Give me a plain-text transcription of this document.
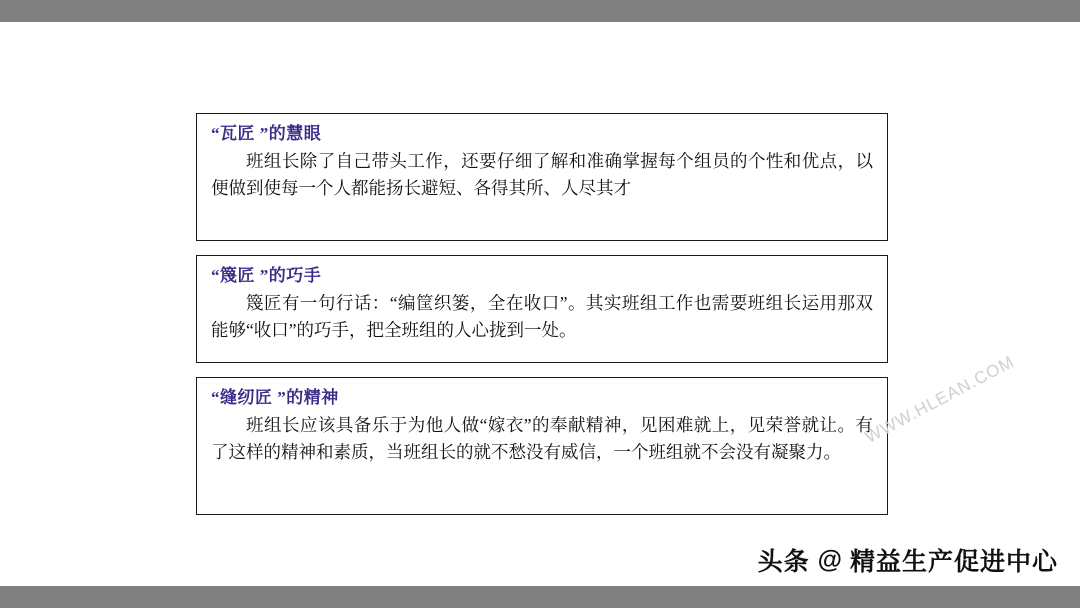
“瓦匠 ”的慧眼
班组长除了自己带头工作，还要仔细了解和准确掌握每个组员的个性和优点，以便做到使每一个人都能扬长避短、各得其所、人尽其才
“篾匠 ”的巧手
篾匠有一句行话：“编筐织篓，全在收口”。其实班组工作也需要班组长运用那双能够“收口”的巧手，把全班组的人心拢到一处。
“缝纫匠 ”的精神
班组长应该具备乐于为他人做“嫁衣”的奉献精神，见困难就上，见荣誉就让。有了这样的精神和素质，当班组长的就不愁没有威信，一个班组就不会没有凝聚力。
WWW.HLEAN.COM
头条 @ 精益生产促进中心
